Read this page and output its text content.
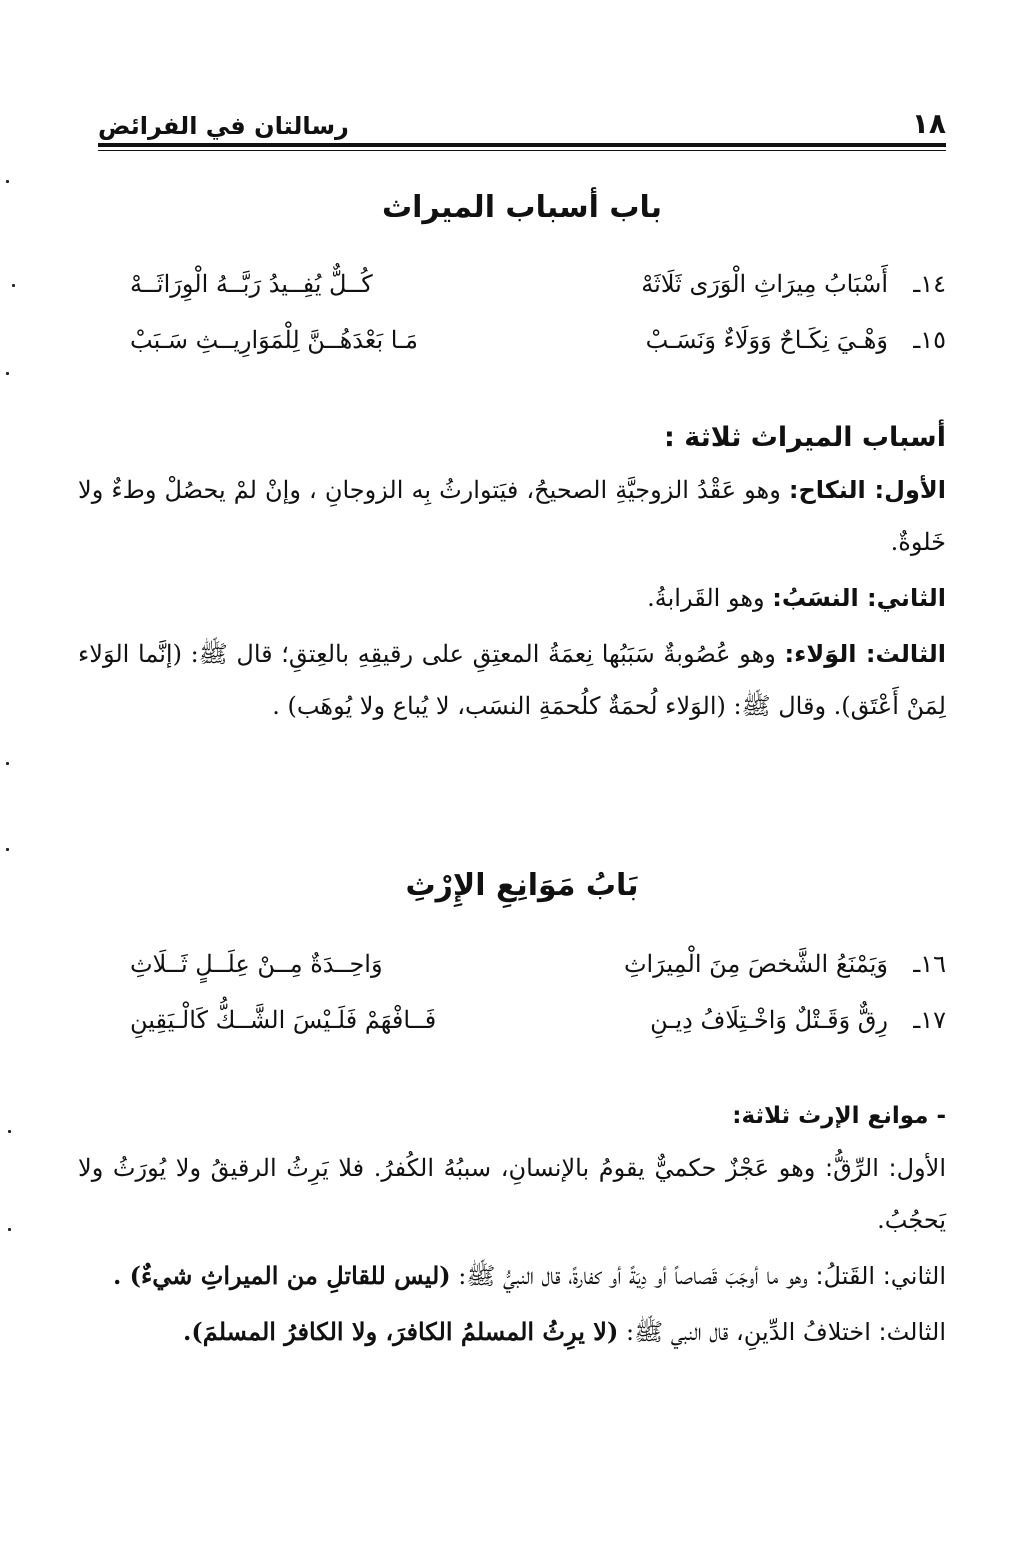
١٨
رسالتان في الفرائض
باب أسباب الميراث
١٤ـ
أَسْبَابُ مِيرَاثِ الْوَرَى ثَلَاثَهْ
كُــلٌّ يُفِــيدُ رَبَّــهُ الْوِرَاثَــهْ
١٥ـ
وَهْـيَ نِكَـاحٌ وَوَلَاءٌ وَنَسَـبْ
مَـا بَعْدَهُــنَّ لِلْمَوَارِيــثِ سَـبَبْ

أسباب الميراث ثلاثة :

الأول: النكاح: وهو عَقْدُ الزوجيَّةِ الصحيحُ، فيَتوارثُ بِه الزوجانِ ، وإنْ لمْ يحصُلْ وطءٌ ولا خَلوةٌ.

الثاني: النسَبُ: وهو القَرابةُ.

الثالث: الوَلاء: وهو عُصُوبةٌ سَبَبُها نِعمَةُ المعتِقِ على رقيقِهِ بالعِتقِ؛ قال ﷺ: (إنَّما الوَلاء لِمَنْ أَعْتَق). وقال ﷺ: (الوَلاء لُحمَةٌ كلُحمَةِ النسَب، لا يُباع ولا يُوهَب) .

بَابُ مَوَانِعِ الإِرْثِ
١٦ـ
وَيَمْنَعُ الشَّخصَ مِنَ الْمِيرَاثِ
وَاحِــدَةٌ مِــنْ عِلَــلٍ ثَــلَاثِ
١٧ـ
رِقٌّ وَقَـتْلٌ وَاخْـتِلَافُ دِيـنِ
فَــافْهَمْ فَلَـيْسَ الشَّــكُّ كَالْـيَقِينِ

- موانع الإرث ثلاثة:

الأول: الرِّقُّ: وهو عَجْزٌ حكميٌّ يقومُ بالإنسانِ، سببُهُ الكُفرُ. فلا يَرِثُ الرقيقُ ولا يُورَثُ ولا يَحجُبُ.

الثاني: القَتلُ: وهو ما أوجَبَ قَصاصاً أو دِيَةً أو كفارةً، قال النبيُّ ﷺ: (ليس للقاتلِ من الميراثِ شيءٌ) .

الثالث: اختلافُ الدِّينِ، قال النبي ﷺ: (لا يرِثُ المسلمُ الكافرَ، ولا الكافرُ المسلمَ).
